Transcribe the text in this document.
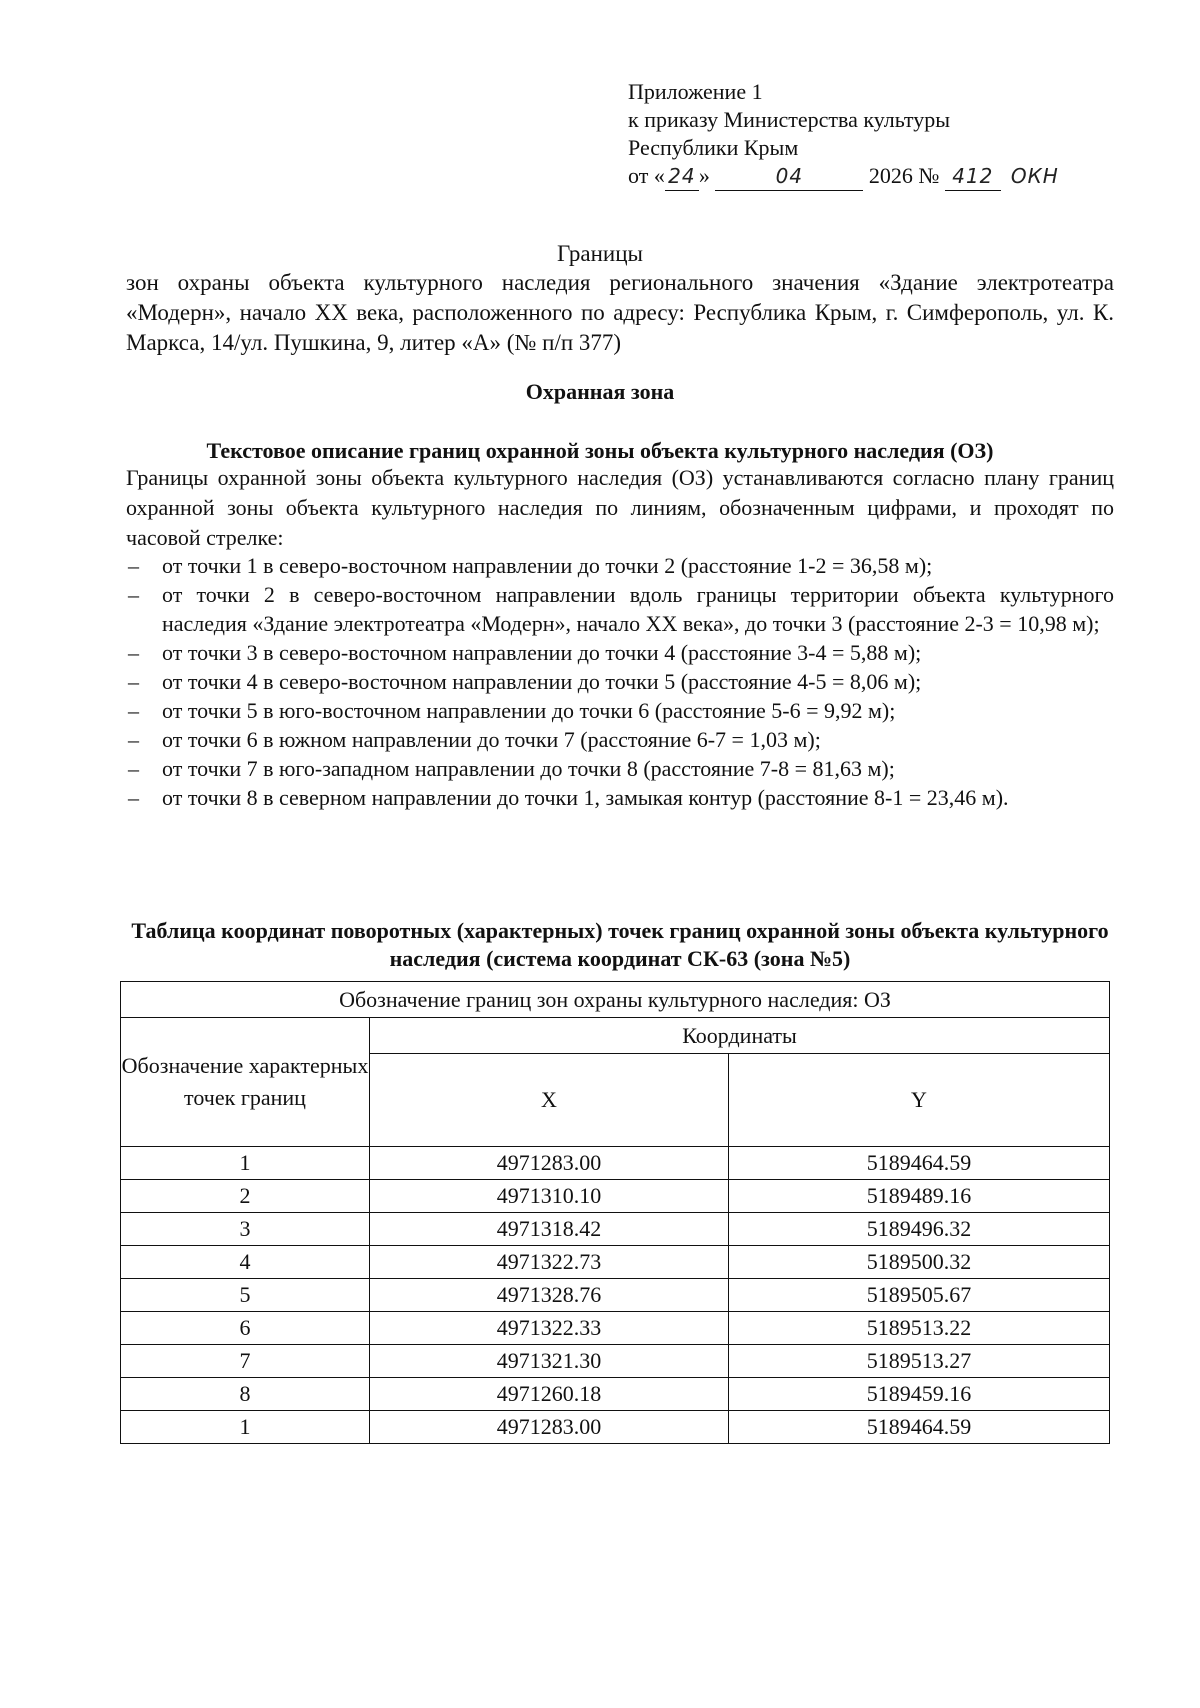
Приложение 1
к приказу Министерства культуры
Республики Крым
от « 24 »	04	2026 № 412 ОКН
Границы
зон охраны объекта культурного наследия регионального значения «Здание электротеатра «Модерн», начало XX века, расположенного по адресу: Республика Крым, г. Симферополь, ул. К. Маркса, 14/ул. Пушкина, 9, литер «А» (№ п/п 377)
Охранная зона
Текстовое описание границ охранной зоны объекта культурного наследия (ОЗ)
Границы охранной зоны объекта культурного наследия (ОЗ) устанавливаются согласно плану границ охранной зоны объекта культурного наследия по линиям, обозначенным цифрами, и проходят по часовой стрелке:
– от точки 1 в северо-восточном направлении до точки 2 (расстояние 1-2 = 36,58 м);
– от точки 2 в северо-восточном направлении вдоль границы территории объекта культурного наследия «Здание электротеатра «Модерн», начало XX века», до точки 3 (расстояние 2-3 = 10,98 м);
– от точки 3 в северо-восточном направлении до точки 4 (расстояние 3-4 = 5,88 м);
– от точки 4 в северо-восточном направлении до точки 5 (расстояние 4-5 = 8,06 м);
– от точки 5 в юго-восточном направлении до точки 6 (расстояние 5-6 = 9,92 м);
– от точки 6 в южном направлении до точки 7 (расстояние 6-7 = 1,03 м);
– от точки 7 в юго-западном направлении до точки 8 (расстояние 7-8 = 81,63 м);
– от точки 8 в северном направлении до точки 1, замыкая контур (расстояние 8-1 = 23,46 м).
Таблица координат поворотных (характерных) точек границ охранной зоны объекта культурного наследия (система координат СК-63 (зона №5)
Обозначение границ зон охраны культурного наследия: ОЗ		
Обозначение характерных точек границ	Координаты	
	X	Y
1	4971283.00	5189464.59
2	4971310.10	5189489.16
3	4971318.42	5189496.32
4	4971322.73	5189500.32
5	4971328.76	5189505.67
6	4971322.33	5189513.22
7	4971321.30	5189513.27
8	4971260.18	5189459.16
1	4971283.00	5189464.59
